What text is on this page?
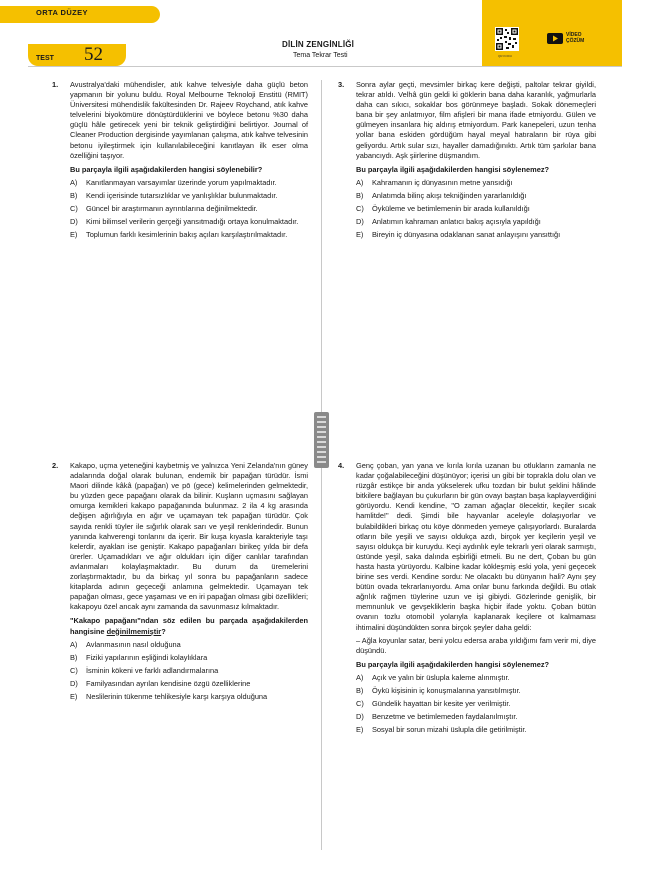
ORTA DÜZEY
TEST 52	DİLİN ZENGİNLİĞİ
Tema Tekrar Testi	QR KODU
VİDEO
ÇÖZÜM
1. Avustralya'daki mühendisler, atık kahve telvesiyle daha güçlü beton yapmanın bir yolunu buldu. Royal Melbourne Teknoloji Enstitü (RMIT) Üniversitesi mühendislik fakültesinden Dr. Rajeev Roychand, atık kahve telvelerini biyokömüre dönüştürdüklerini ve böylece betonu %30 daha güçlü hâle getirecek yeni bir teknik geliştirdiğini belirtiyor. Journal of Cleaner Production dergisinde yayımlanan çalışma, atık kahve telvesinin betonu iyileştirmek için kullanılabileceğini kanıtlayan ilk eser olma özelliğini taşıyor.

Bu parçayla ilgili aşağıdakilerden hangisi söylenebilir?

A) Kanıtlanmayan varsayımlar üzerinde yorum yapılmaktadır.
B) Kendi içerisinde tutarsızlıklar ve yanlışlıklar bulunmaktadır.
C) Güncel bir araştırmanın ayrıntılarına değinilmektedir.
D) Kimi bilimsel verilerin gerçeği yansıtmadığı ortaya konulmaktadır.
E) Toplumun farklı kesimlerinin bakış açıları karşılaştırılmaktadır.
3. Sonra aylar geçti, mevsimler birkaç kere değişti, paltolar tekrar giyildi, tekrar atıldı. Velhâ gün geldi ki göklerin bana daha karanlık, yağmurlarla daha can sıkıcı, sokaklar bos görünmeye başladı. Sokak dönemeçleri bana bir şey anlatmıyor, film afişleri bir mana ifade etmiyordu. Gülen ve gülmeyen insanlara hiç aldırış etmiyordum. Park kanepeleri, uzun tenha yollar bana eskiden gördüğüm hayal meyal hatıraların bir rüya gibi geliyordu. Artık sular sızı, hayaller damadığınıktı. Artık tüm şarkılar bana yabancıydı. Aşk şiirlerine düşmandım.

Bu parçayla ilgili aşağıdakilerden hangisi söylenemez?

A) Kahramanın iç dünyasının metne yansıdığı
B) Anlatımda bilinç akışı tekniğinden yararlanıldığı
C) Öyküleme ve betimlemenin bir arada kullanıldığı
D) Anlatımın kahraman anlatıcı bakış açısıyla yapıldığı
E) Bireyin iç dünyasına odaklanan sanat anlayışını yansıttığı
2. Kakapo, uçma yeteneğini kaybetmiş ve yalnızca Yeni Zelanda'nın güney adalarında doğal olarak bulunan, endemik bir papağan türüdür. İsmi Maori dilinde kâkâ (papağan) ve pō (gece) kelimelerinden gelmektedir, bu yüzden gece papağanı olarak da bilinir. Kuşların uçmasını sağlayan omurga kemikleri kakapo papağanında bulunmaz. 2 ila 4 kg arasında değişen ağırlığıyla en ağır ve uçamayan tek papağan türüdür. Çok sayıda renkli tüyler ile sığırlık olarak sarı ve yeşil renklerindedir. Bunun yanında kahverengi tonlarını da içerir. Bir kuşa kıyasla karakteriyle taşı kelerdir, ayakları ise geniştir. Kakapo papağanları birikeç yılda bir defa ürerler. Uçamadıkları ve ağır oldukları için diğer canlılar tarafından avlanmaları kolaylaşmaktadır. Bu durum da üremelerini zorlaştırmaktadır, bu da birkaç yıl sonra bu papağanların sadece kitaplarda adının geçeceği anlamına gelmektedir. Uçamayan tek papağan olması, gece yaşaması ve en iri papağan olması gibi özellikleri; kakapoyu özel ancak aynı zamanda da savunmasız kılmaktadır.

"Kakapo papağanı"ndan söz edilen bu parçada aşağıdakilerden hangisine değinilmemiştir?

A) Avlanmasının nasıl olduğuna
B) Fiziki yapılarının eşliğindi kolaylıklara
C) İsminin kökeni ve farklı adlandırmalarına
D) Familyasından ayrılan kendisine özgü özelliklerine
E) Neslilerinin tükenme tehlikesiyle karşı karşıya olduğuna
4. Genç çoban, yan yana ve kırıla kırıla uzanan bu otlukların zamanla ne kadar çoğalabileceğini düşünüyor; içerisi un gibi bir toprakla dolu olan ve rüzgâr estikçe bir anda yükselerek ufku tozdan bir bulut şeklini hâlinde bitkilere bağlayan bu çukurların bir gün ovayı baştan başa kaplayverdiğini görüyordu. Kendi kendine, "O zaman ağaçlar ölecektir, keçiler sıcak hamlitde!" dedi. Şimdi bile hayvanlar aceleyle dolaşıyorlar ve bulabildikleri birkaç otu köye dönmeden yemeye çalışıyorlardı. Buralarda otların bile yeşili ve sayısı oldukça azdı, birçok yer keçilerin yeşil ve sayısı oldukça bir kuruydu. Keçi aydınlık eyle tekrarlı yeri olarak sarmıştı, üstünde yeşil, saka dalında eşbirliği etmeli. Bu ne dert, Çoban bu gün hasta hasta yürüyordu. Kalbine kadar kökleşmiş eski yola, yeni geçecek birine ses verdi. Kendine sordu: Ne olacaktı bu dünyanın hali? Aynı şey bütün ovada tekrarlanıyordu. Ama onlar bunu farkında değildi. Bu otlak ağrılık rağmen tüylerine uzun ve işi gibiydi. Gözlerinde genişlik, bir memnunluk ve gevşekliklerin başka hiçbir ifade yoktu. Çoban bütün ovanın tozlu otomobil yolarıyla kaplanarak keçilere ot kalmaması ihtimalini düşündükten sonra birçok şeyler daha geldi:

– Ağla koyunlar satar, beni yolcu edersa araba yıldığımı fam verir mi, diye düşündü.

Bu parçayla ilgili aşağıdakilerden hangisi söylenemez?

A) Açık ve yalın bir üslupla kaleme alınmıştır.
B) Öykü kişisinin iç konuşmalarına yansıtılmıştır.
C) Gündelik hayattan bir kesite yer verilmiştir.
D) Benzetme ve betimlemeden faydalanılmıştır.
E) Sosyal bir sorun mizahi üslupla dile getirilmiştir.
